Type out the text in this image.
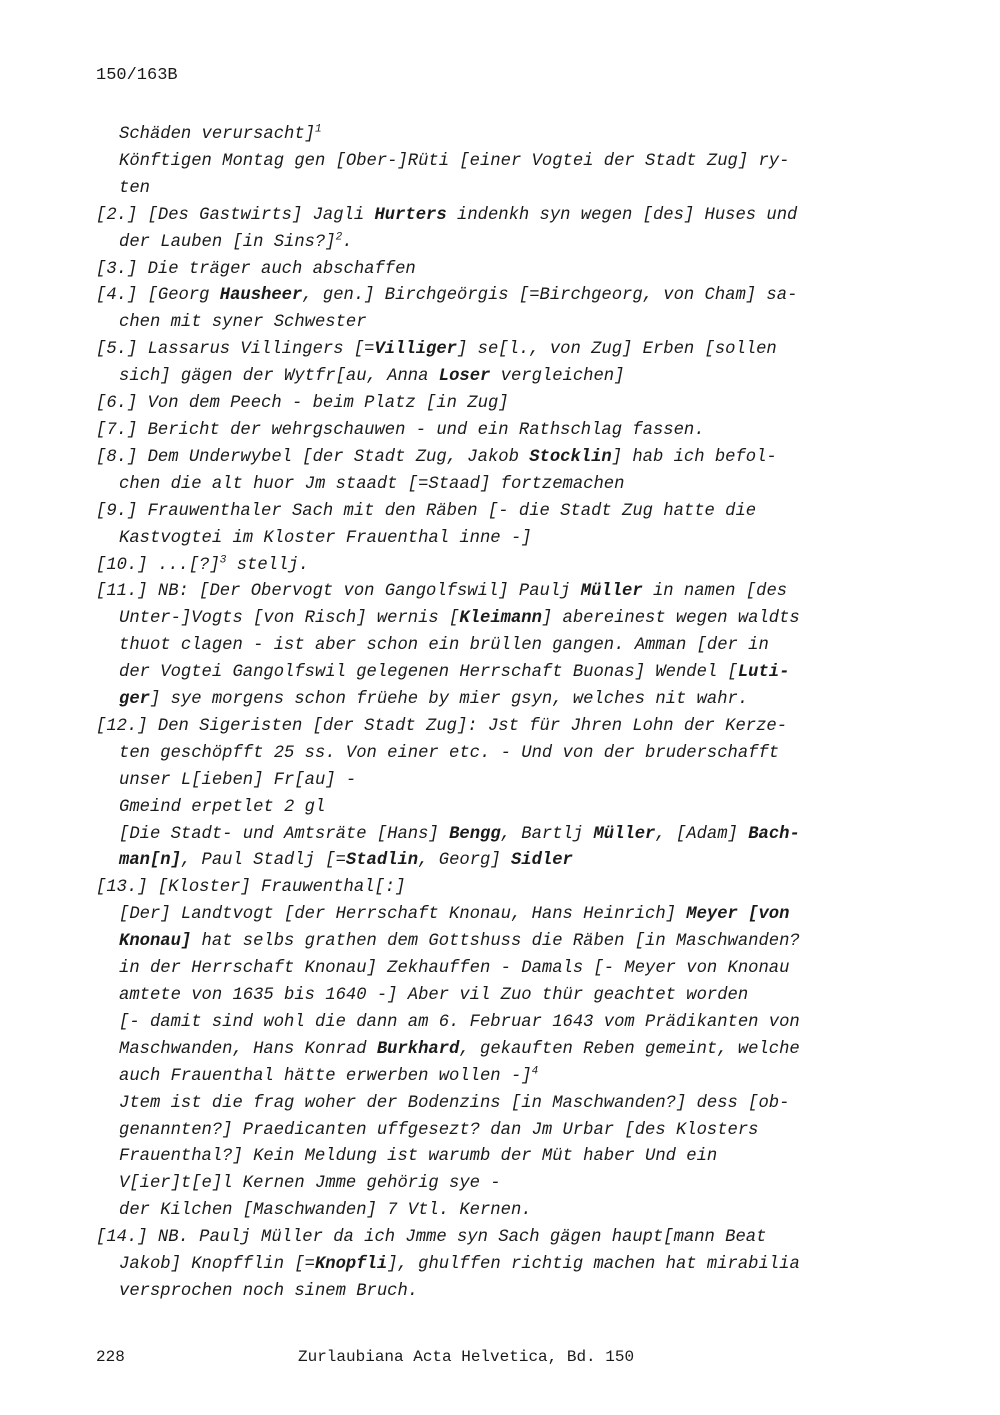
150/163B
Schäden verursacht]$^1$
Könftigen Montag gen [Ober-]Rüti [einer Vogtei der Stadt Zug] ry-
ten
[2.] [Des Gastwirts] Jagli Hurters indenkh syn wegen [des] Huses und
der Lauben [in Sins?]$^2$.
[3.] Die träger auch abschaffen
[4.] [Georg Hausheer, gen.] Birchgeörgis [=Birchgeorg, von Cham] sa-
chen mit syner Schwester
[5.] Lassarus Villingers [=Villiger] se[l., von Zug] Erben [sollen
sich] gägen der Wytfr[au, Anna Loser vergleichen]
[6.] Von dem Peech - beim Platz [in Zug]
[7.] Bericht der wehrgschauwen - und ein Rathschlag fassen.
[8.] Dem Underwybel [der Stadt Zug, Jakob Stocklin] hab ich befol-
chen die alt huor Jm staadt [=Staad] fortzemachen
[9.] Frauwenthaler Sach mit den Räben [- die Stadt Zug hatte die
Kastvogtei im Kloster Frauenthal inne -]
[10.] ...[?]$^3$ stellj.
[11.] NB: [Der Obervogt von Gangolfswil] Paulj Müller in namen [des
Unter-]Vogts [von Risch] wernis [Kleimann] abereinest wegen waldts
thuot clagen - ist aber schon ein brüllen gangen. Amman [der in
der Vogtei Gangolfswil gelegenen Herrschaft Buonas] Wendel [Luti-
ger] sye morgens schon früehe by mier gsyn, welches nit wahr.
[12.] Den Sigeristen [der Stadt Zug]: Jst für Jhren Lohn der Kerze-
ten geschöpfft 25 ss. Von einer etc. - Und von der bruderschafft
unser L[ieben] Fr[au] -
Gmeind erpetlet 2 gl
[Die Stadt- und Amtsräte [Hans] Bengg, Bartlj Müller, [Adam] Bach-
man[n], Paul Stadlj [=Stadlin, Georg] Sidler
[13.] [Kloster] Frauwenthal[:]
[Der] Landtvogt [der Herrschaft Knonau, Hans Heinrich] Meyer [von
Knonau] hat selbs grathen dem Gottshuss die Räben [in Maschwanden?
in der Herrschaft Knonau] Zekhauffen - Damals [- Meyer von Knonau
amtete von 1635 bis 1640 -] Aber vil Zuo thür geachtet worden
[- damit sind wohl die dann am 6. Februar 1643 vom Prädikanten von
Maschwanden, Hans Konrad Burkhard, gekauften Reben gemeint, welche
auch Frauenthal hätte erwerben wollen -]$^4$
Jtem ist die frag woher der Bodenzins [in Maschwanden?] dess [ob-
genannten?] Praedicanten uffgesezt? dan Jm Urbar [des Klosters
Frauenthal?] Kein Meldung ist warumb der Müt haber Und ein
V[ier]t[e]l Kernen Jmme gehörig sye -
der Kilchen [Maschwanden] 7 Vtl. Kernen.
[14.] NB. Paulj Müller da ich Jmme syn Sach gägen haupt[mann Beat
Jakob] Knopfflin [=Knopfli], ghulffen richtig machen hat mirabilia
versprochen noch sinem Bruch.
228	Zurlaubiana Acta Helvetica, Bd. 150
